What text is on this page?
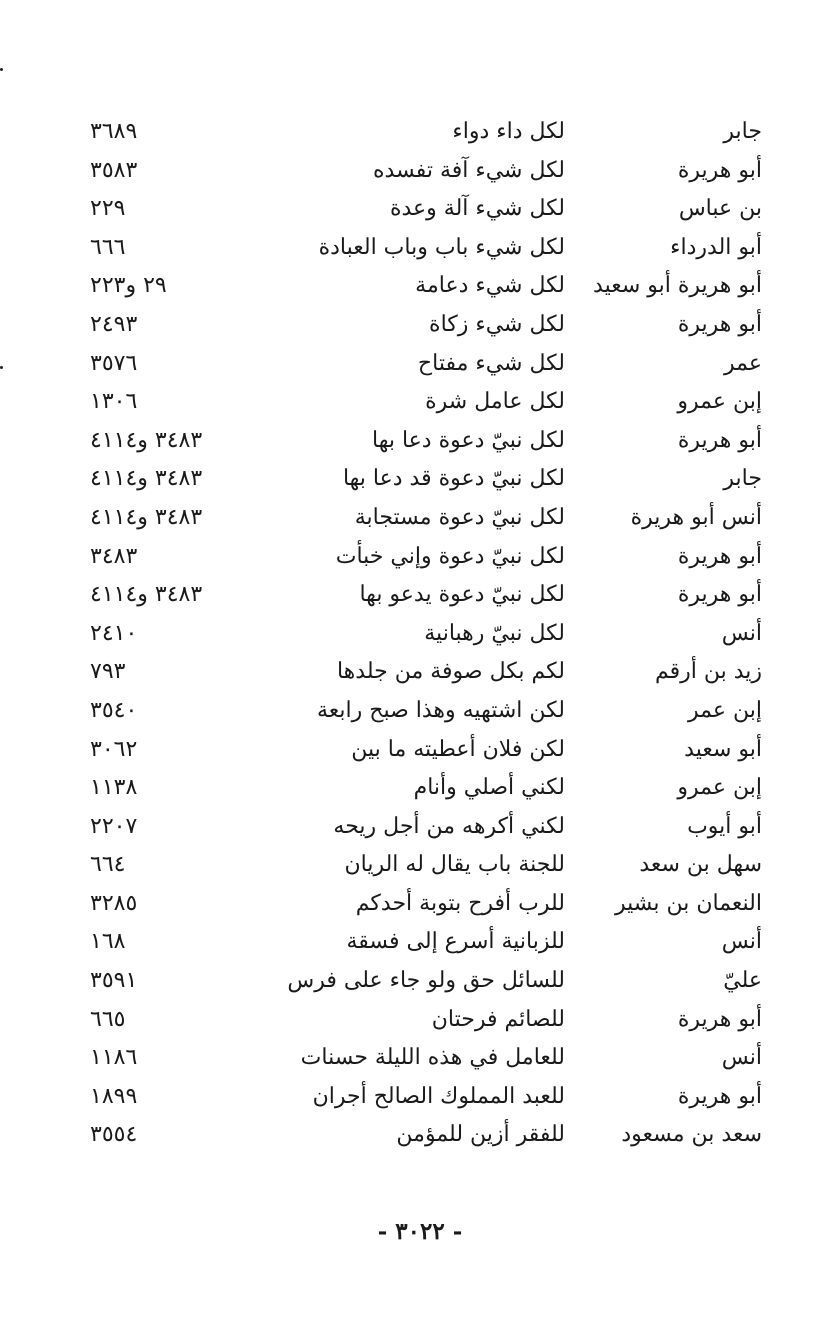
جابر
لكل داء دواء
٣٦٨٩
أبو هريرة
لكل شيء آفة تفسده
٣٥٨٣
بن عباس
لكل شيء آلة وعدة
٢٢٩
أبو الدرداء
لكل شيء باب وباب العبادة
٦٦٦
أبو هريرة أبو سعيد
لكل شيء دعامة
٢٩ و٢٢٣
أبو هريرة
لكل شيء زكاة
٢٤٩٣
عمر
لكل شيء مفتاح
٣٥٧٦
إبن عمرو
لكل عامل شرة
١٣٠٦
أبو هريرة
لكل نبيّ دعوة دعا بها
٣٤٨٣ و٤١١٤
جابر
لكل نبيّ دعوة قد دعا بها
٣٤٨٣ و٤١١٤
أنس أبو هريرة
لكل نبيّ دعوة مستجابة
٣٤٨٣ و٤١١٤
أبو هريرة
لكل نبيّ دعوة وإني خبأت
٣٤٨٣
أبو هريرة
لكل نبيّ دعوة يدعو بها
٣٤٨٣ و٤١١٤
أنس
لكل نبيّ رهبانية
٢٤١٠
زيد بن أرقم
لكم بكل صوفة من جلدها
٧٩٣
إبن عمر
لكن اشتهيه وهذا صبح رابعة
٣٥٤٠
أبو سعيد
لكن فلان أعطيته ما بين
٣٠٦٢
إبن عمرو
لكني أصلي وأنام
١١٣٨
أبو أيوب
لكني أكرهه من أجل ريحه
٢٢٠٧
سهل بن سعد
للجنة باب يقال له الريان
٦٦٤
النعمان بن بشير
للرب أفرح بتوبة أحدكم
٣٢٨٥
أنس
للزبانية أسرع إلى فسقة
١٦٨
عليّ
للسائل حق ولو جاء على فرس
٣٥٩١
أبو هريرة
للصائم فرحتان
٦٦٥
أنس
للعامل في هذه الليلة حسنات
١١٨٦
أبو هريرة
للعبد المملوك الصالح أجران
١٨٩٩
سعد بن مسعود
للفقر أزين للمؤمن
٣٥٥٤
- ٣٠٢٢ -
